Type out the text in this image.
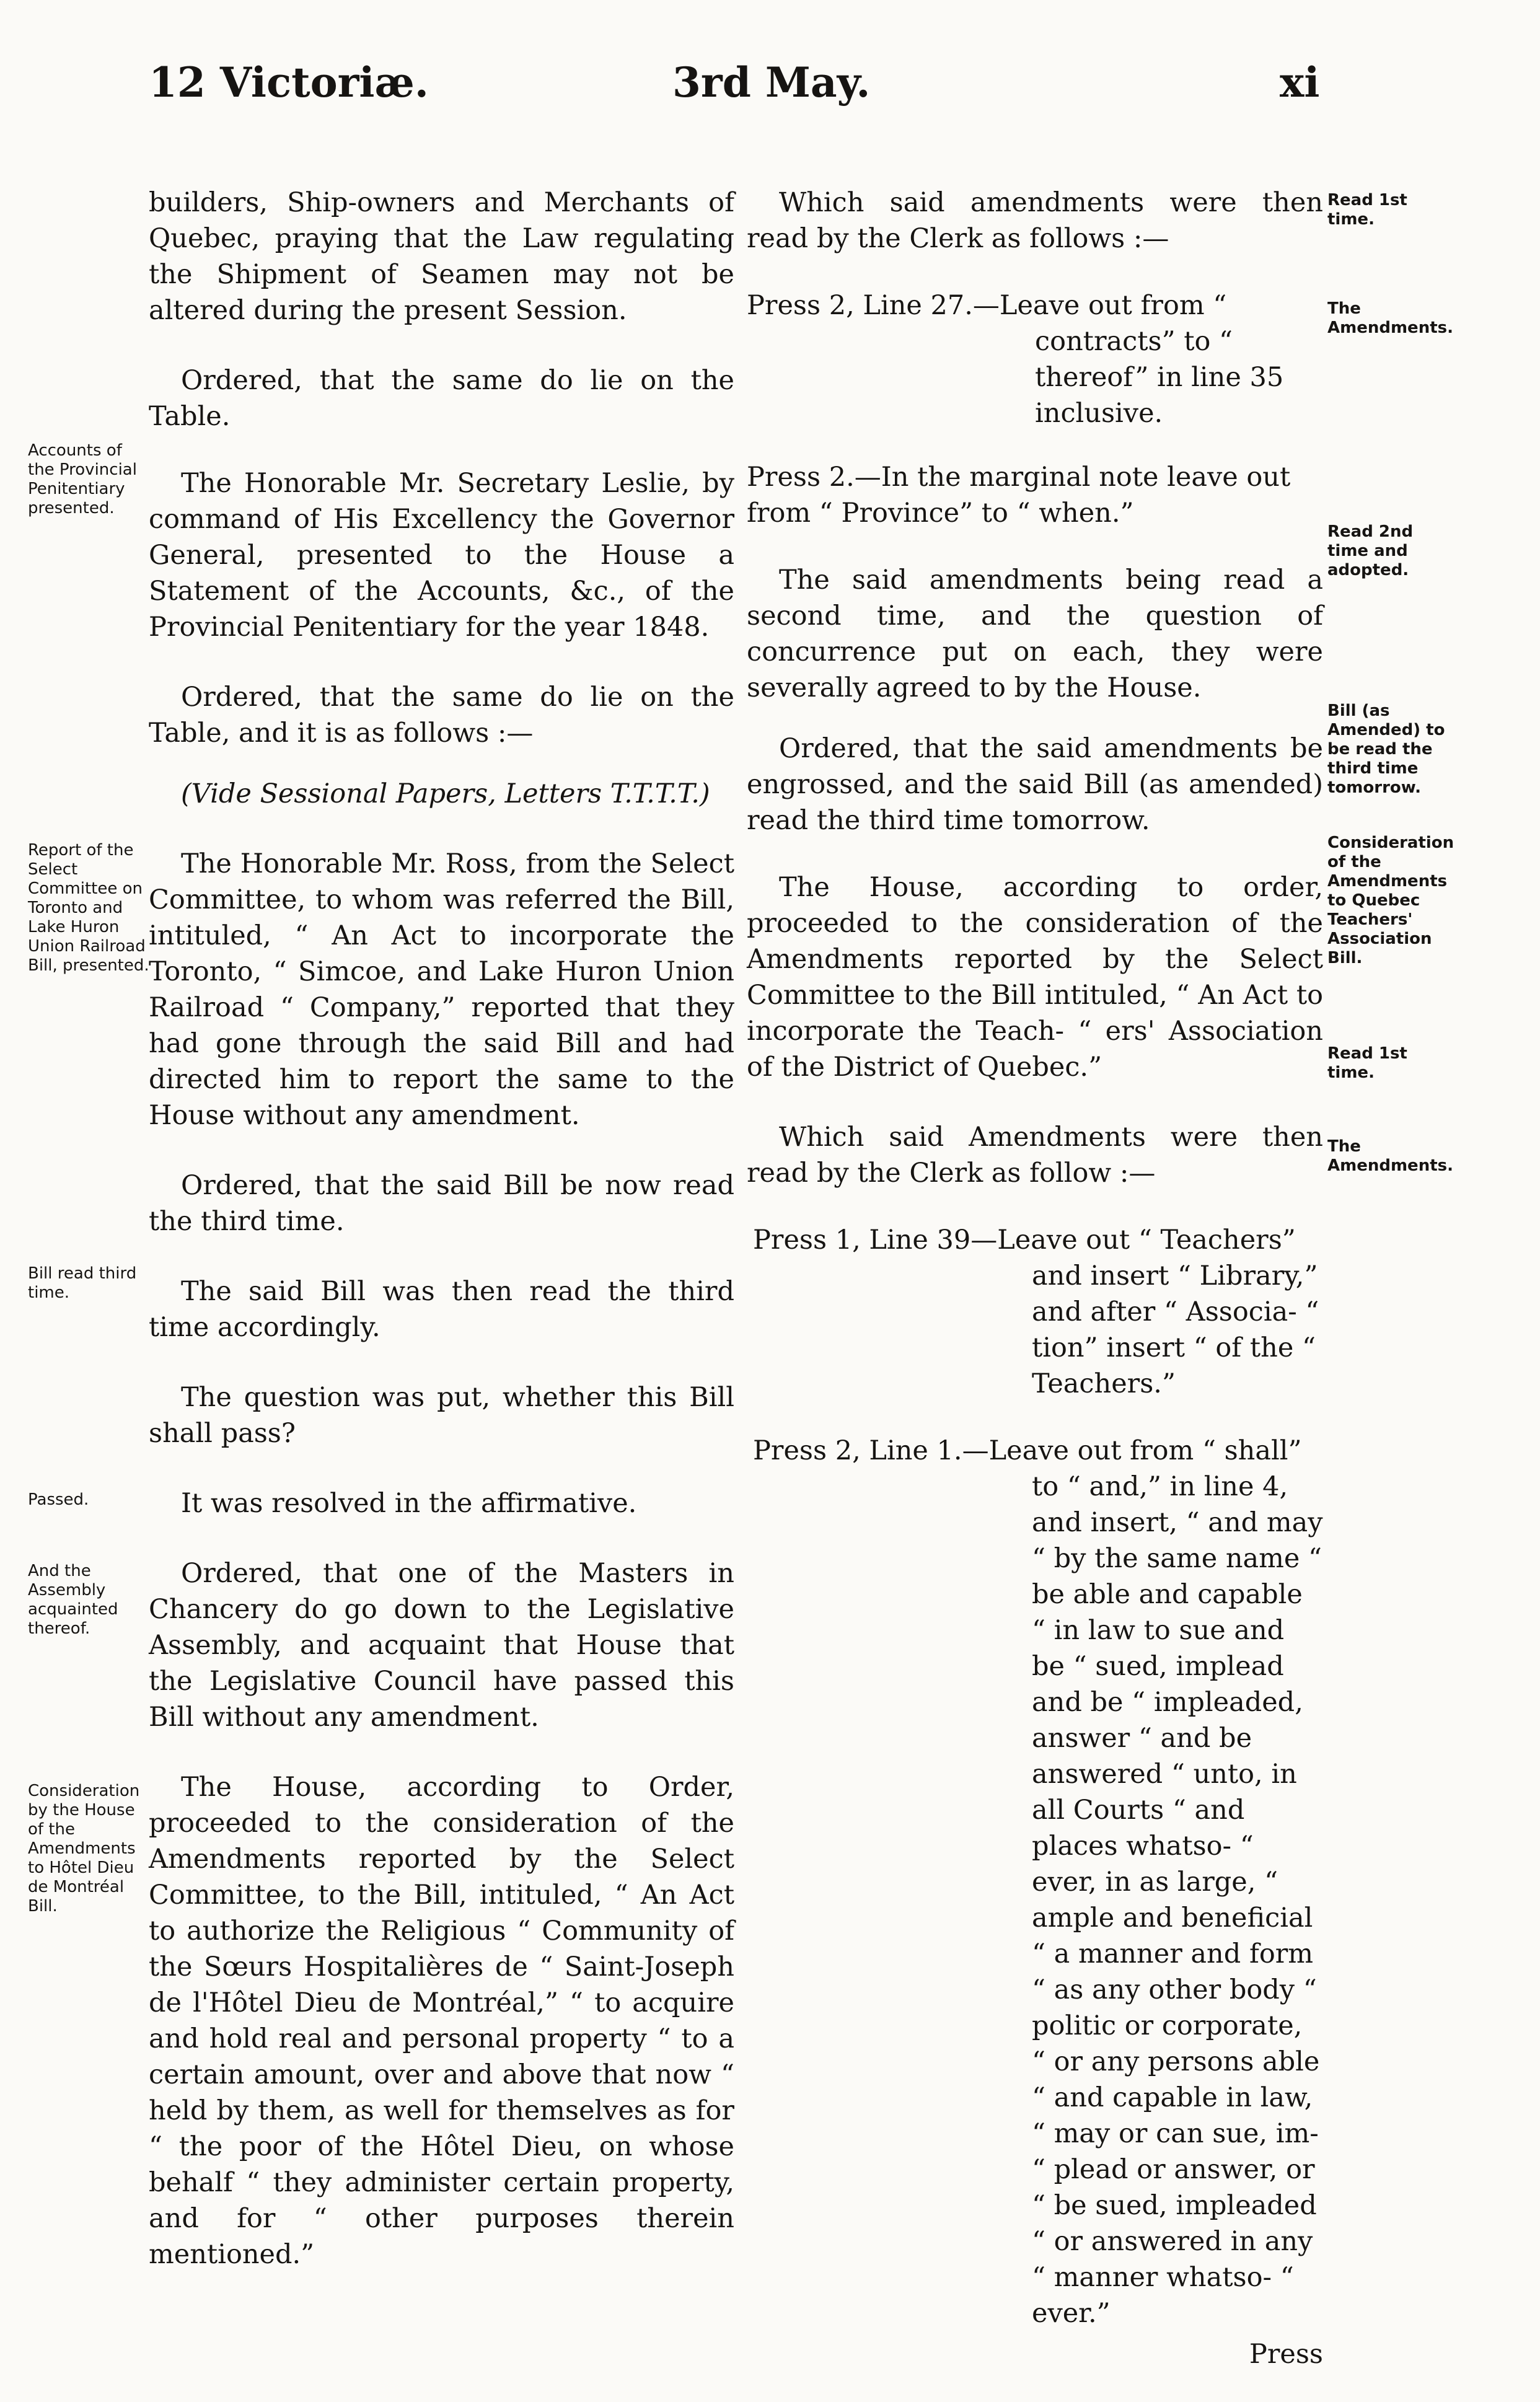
12 Victoriæ.	3rd May.	xi

builders, Ship-owners and Merchants of Quebec, praying that the Law regulating the Shipment of Seamen may not be altered during the present Session.

Ordered, that the same do lie on the Table.

The Honorable Mr. Secretary Leslie, by command of His Excellency the Governor General, presented to the House a Statement of the Accounts, &c., of the Provincial Penitentiary for the year 1848.

Ordered, that the same do lie on the Table, and it is as follows :—

(Vide Sessional Papers, Letters T.T.T.T.)

The Honorable Mr. Ross, from the Select Committee, to whom was referred the Bill, intituled, “ An Act to incorporate the Toronto, “ Simcoe, and Lake Huron Union Railroad “ Company,” reported that they had gone through the said Bill and had directed him to report the same to the House without any amendment.

Ordered, that the said Bill be now read the third time.

The said Bill was then read the third time accordingly.

The question was put, whether this Bill shall pass?

It was resolved in the affirmative.

Ordered, that one of the Masters in Chancery do go down to the Legislative Assembly, and acquaint that House that the Legislative Council have passed this Bill without any amendment.

The House, according to Order, proceeded to the consideration of the Amendments reported by the Select Committee, to the Bill, intituled, “ An Act to authorize the Religious “ Community of the Sœurs Hospitalières de “ Saint-Joseph de l'Hôtel Dieu de Montréal,” “ to acquire and hold real and personal property “ to a certain amount, over and above that now “ held by them, as well for themselves as for “ the poor of the Hôtel Dieu, on whose behalf “ they administer certain property, and for “ other purposes therein mentioned.”

Accounts of the Provincial Penitentiary presented.
Report of the Select Committee on Toronto and Lake Huron Union Railroad Bill, presented.
Bill read third time.
Passed.
And the Assembly acquainted thereof.
Consideration by the House of the Amendments to Hôtel Dieu de Montréal Bill.

Which said amendments were then read by the Clerk as follows :—

Press 2, Line 27.—Leave out from “ contracts” to “ thereof” in line 35 inclusive.

Press 2.—In the marginal note leave out from “ Province” to “ when.”

The said amendments being read a second time, and the question of concurrence put on each, they were severally agreed to by the House.

Ordered, that the said amendments be engrossed, and the said Bill (as amended) read the third time tomorrow.

The House, according to order, proceeded to the consideration of the Amendments reported by the Select Committee to the Bill intituled, “ An Act to incorporate the Teach- “ ers' Association of the District of Quebec.”

Which said Amendments were then read by the Clerk as follow :—

Press 1, Line 39—Leave out “ Teachers” and insert “ Library,” and after “ Associa- “ tion” insert “ of the “ Teachers.”

Press 2, Line 1.—Leave out from “ shall” to “ and,” in line 4, and insert, “ and may “ by the same name “ be able and capable “ in law to sue and be “ sued, implead and be “ impleaded, answer “ and be answered “ unto, in all Courts “ and places whatso- “ ever, in as large, “ ample and beneficial “ a manner and form “ as any other body “ politic or corporate, “ or any persons able “ and capable in law, “ may or can sue, im- “ plead or answer, or “ be sued, impleaded “ or answered in any “ manner whatso- “ ever.”

Press

Read 1st time.
The Amendments.
Read 2nd time and adopted.
Bill (as Amended) to be read the third time tomorrow.
Consideration of the Amendments to Quebec Teachers' Association Bill.
Read 1st time.
The Amendments.
